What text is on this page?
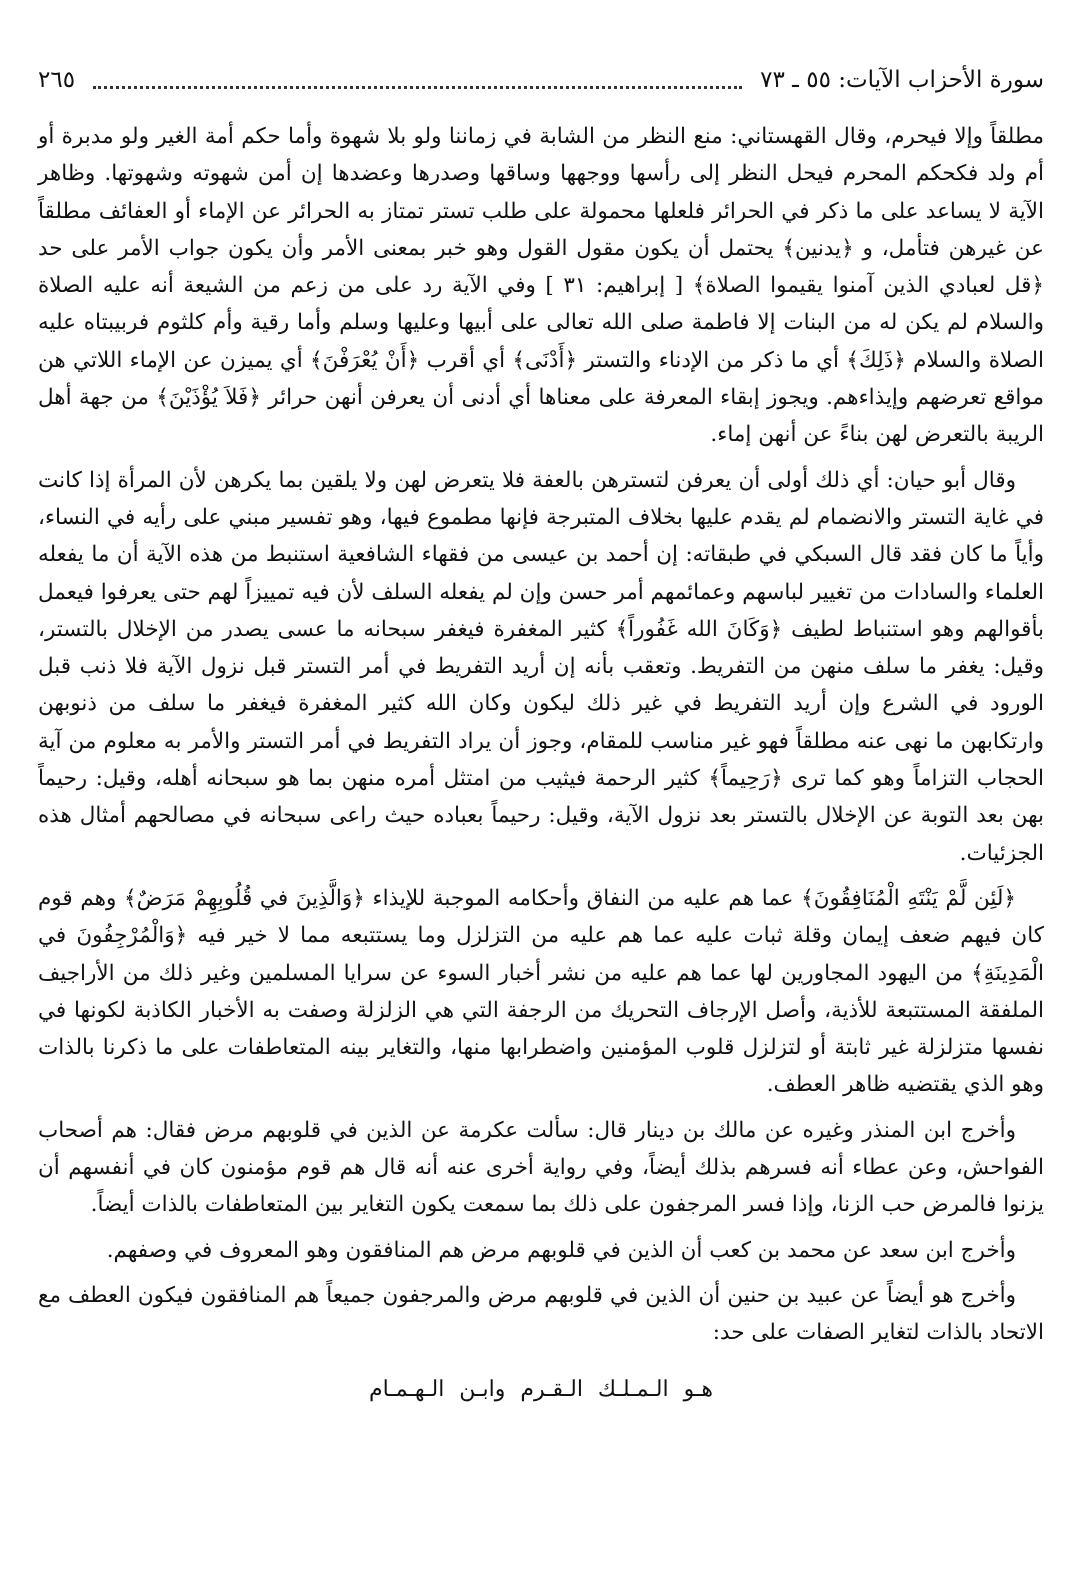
سورة الأحزاب الآيات: ٥٥ ـ ٧٣
٢٦٥

مطلقاً وإلا فيحرم، وقال القهستاني: منع النظر من الشابة في زماننا ولو بلا شهوة وأما حكم أمة الغير ولو مدبرة أو أم ولد فكحكم المحرم فيحل النظر إلى رأسها ووجهها وساقها وصدرها وعضدها إن أمن شهوته وشهوتها. وظاهر الآية لا يساعد على ما ذكر في الحرائر فلعلها محمولة على طلب تستر تمتاز به الحرائر عن الإماء أو العفائف مطلقاً عن غيرهن فتأمل، و ﴿يدنين﴾ يحتمل أن يكون مقول القول وهو خبر بمعنى الأمر وأن يكون جواب الأمر على حد ﴿قل لعبادي الذين آمنوا يقيموا الصلاة﴾ [ إبراهيم: ٣١ ] وفي الآية رد على من زعم من الشيعة أنه عليه الصلاة والسلام لم يكن له من البنات إلا فاطمة صلى الله تعالى على أبيها وعليها وسلم وأما رقية وأم كلثوم فربيبتاه عليه الصلاة والسلام ﴿ذَلِكَ﴾ أي ما ذكر من الإدناء والتستر ﴿أَدْنَى﴾ أي أقرب ﴿أَنْ يُعْرَفْنَ﴾ أي يميزن عن الإماء اللاتي هن مواقع تعرضهم وإيذاءهم. ويجوز إبقاء المعرفة على معناها أي أدنى أن يعرفن أنهن حرائر ﴿فَلاَ يُؤْذَيْنَ﴾ من جهة أهل الريبة بالتعرض لهن بناءً عن أنهن إماء.

وقال أبو حيان: أي ذلك أولى أن يعرفن لتسترهن بالعفة فلا يتعرض لهن ولا يلقين بما يكرهن لأن المرأة إذا كانت في غاية التستر والانضمام لم يقدم عليها بخلاف المتبرجة فإنها مطموع فيها، وهو تفسير مبني على رأيه في النساء، وأياً ما كان فقد قال السبكي في طبقاته: إن أحمد بن عيسى من فقهاء الشافعية استنبط من هذه الآية أن ما يفعله العلماء والسادات من تغيير لباسهم وعمائمهم أمر حسن وإن لم يفعله السلف لأن فيه تمييزاً لهم حتى يعرفوا فيعمل بأقوالهم وهو استنباط لطيف ﴿وَكَانَ الله غَفُوراً﴾ كثير المغفرة فيغفر سبحانه ما عسى يصدر من الإخلال بالتستر، وقيل: يغفر ما سلف منهن من التفريط. وتعقب بأنه إن أريد التفريط في أمر التستر قبل نزول الآية فلا ذنب قبل الورود في الشرع وإن أريد التفريط في غير ذلك ليكون وكان الله كثير المغفرة فيغفر ما سلف من ذنوبهن وارتكابهن ما نهى عنه مطلقاً فهو غير مناسب للمقام، وجوز أن يراد التفريط في أمر التستر والأمر به معلوم من آية الحجاب التزاماً وهو كما ترى ﴿رَحِيماً﴾ كثير الرحمة فيثيب من امتثل أمره منهن بما هو سبحانه أهله، وقيل: رحيماً بهن بعد التوبة عن الإخلال بالتستر بعد نزول الآية، وقيل: رحيماً بعباده حيث راعى سبحانه في مصالحهم أمثال هذه الجزئيات.

﴿لَئِن لَّمْ يَنْتَهِ الْمُنَافِقُونَ﴾ عما هم عليه من النفاق وأحكامه الموجبة للإيذاء ﴿وَالَّذِينَ في قُلُوبِهِمْ مَرَضٌ﴾ وهم قوم كان فيهم ضعف إيمان وقلة ثبات عليه عما هم عليه من التزلزل وما يستتبعه مما لا خير فيه ﴿وَالْمُرْجِفُونَ في الْمَدِينَةِ﴾ من اليهود المجاورين لها عما هم عليه من نشر أخبار السوء عن سرايا المسلمين وغير ذلك من الأراجيف الملفقة المستتبعة للأذية، وأصل الإرجاف التحريك من الرجفة التي هي الزلزلة وصفت به الأخبار الكاذبة لكونها في نفسها متزلزلة غير ثابتة أو لتزلزل قلوب المؤمنين واضطرابها منها، والتغاير بينه المتعاطفات على ما ذكرنا بالذات وهو الذي يقتضيه ظاهر العطف.

وأخرج ابن المنذر وغيره عن مالك بن دينار قال: سألت عكرمة عن الذين في قلوبهم مرض فقال: هم أصحاب الفواحش، وعن عطاء أنه فسرهم بذلك أيضاً، وفي رواية أخرى عنه أنه قال هم قوم مؤمنون كان في أنفسهم أن يزنوا فالمرض حب الزنا، وإذا فسر المرجفون على ذلك بما سمعت يكون التغاير بين المتعاطفات بالذات أيضاً.

وأخرج ابن سعد عن محمد بن كعب أن الذين في قلوبهم مرض هم المنافقون وهو المعروف في وصفهم.

وأخرج هو أيضاً عن عبيد بن حنين أن الذين في قلوبهم مرض والمرجفون جميعاً هم المنافقون فيكون العطف مع الاتحاد بالذات لتغاير الصفات على حد:

هـو الـمـلـك الـقـرم وابـن الـهـمـام
